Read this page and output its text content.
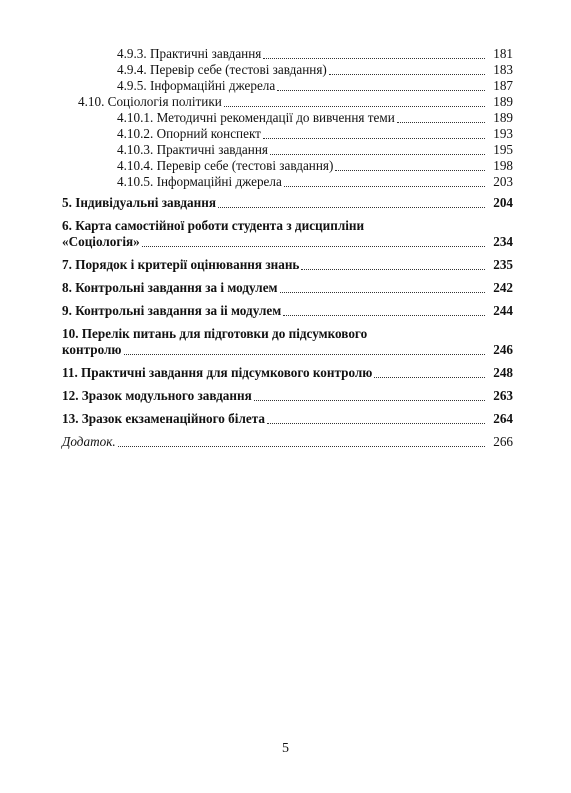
4.9.3. Практичні завдання	181
4.9.4. Перевір себе (тестові завдання)	183
4.9.5. Інформаційні джерела	187
4.10. Соціологія політики	189
4.10.1. Методичні рекомендації до вивчення теми	189
4.10.2. Опорний конспект	193
4.10.3. Практичні завдання	195
4.10.4. Перевір себе (тестові завдання)	198
4.10.5. Інформаційні джерела	203
5. Індивідуальні завдання	204
6. Карта самостійної роботи студента з дисципліни
«Соціологія»	234
7. Порядок і критерії оцінювання знань	235
8. Контрольні завдання за і модулем	242
9. Контрольні завдання за іі модулем	244
10. Перелік питань для підготовки до підсумкового
контролю	246
11. Практичні завдання для підсумкового контролю	248
12. Зразок модульного завдання	263
13. Зразок екзаменаційного білета	264
Додаток.	266
5
